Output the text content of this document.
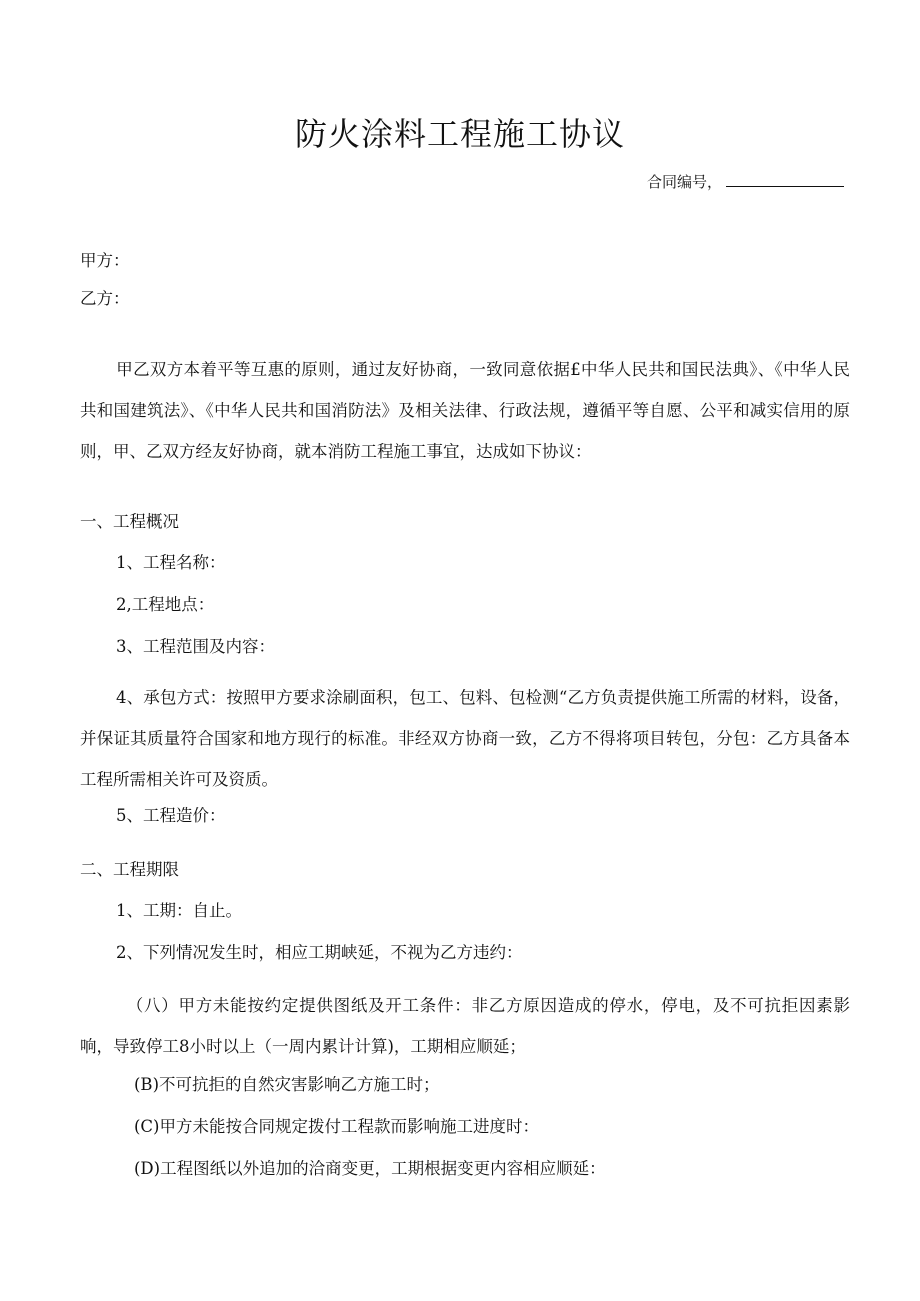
防火涂料工程施工协议
合同编号，
甲方：
乙方：
甲乙双方本着平等互惠的原则，通过友好协商，一致同意依据£中华人民共和国民法典》、《中华人民共和国建筑法》、《中华人民共和国消防法》及相关法律、行政法规，遵循平等自愿、公平和减实信用的原则，甲、乙双方经友好协商，就本消防工程施工事宜，达成如下协议：
一、工程概况
1、工程名称：
2,工程地点：
3、工程范围及内容：
4、承包方式：按照甲方要求涂刷面积，包工、包料、包检测“乙方负责提供施工所需的材料，设备，并保证其质量符合国家和地方现行的标准。非经双方协商一致，乙方不得将项目转包，分包：乙方具备本工程所需相关许可及资质。
5、工程造价：
二、工程期限
1、工期：自止。
2、下列情况发生时，相应工期峡延，不视为乙方违约：
（八）甲方未能按约定提供图纸及开工条件：非乙方原因造成的停水，停电，及不可抗拒因素影响，导致停工8小时以上（一周内累计计算)，工期相应顺延；
(B)不可抗拒的自然灾害影响乙方施工时；
(C)甲方未能按合同规定拨付工程款而影响施工进度时：
(D)工程图纸以外追加的洽商变更，工期根据变更内容相应顺延：
